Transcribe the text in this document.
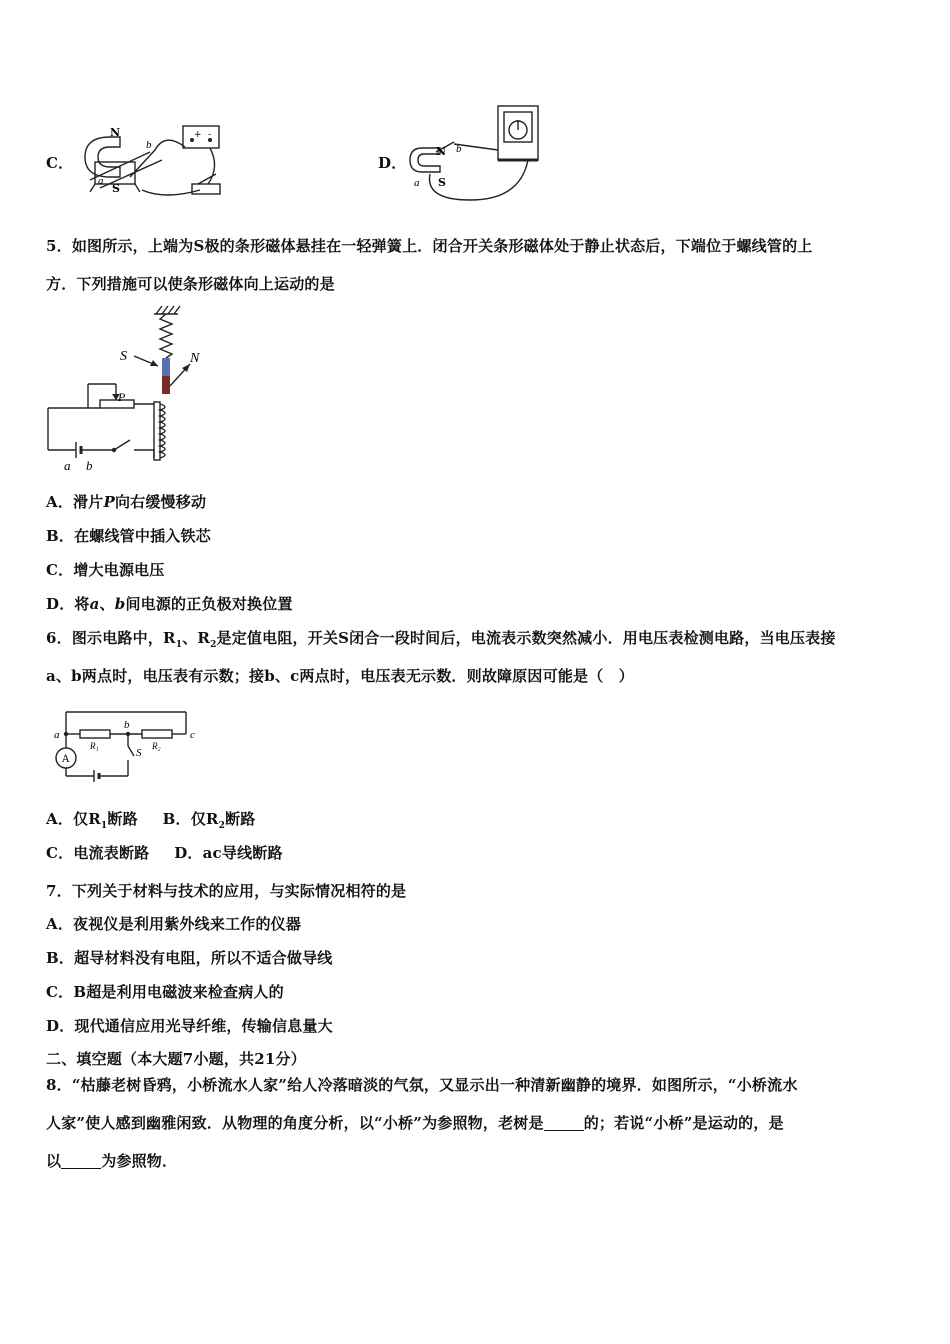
C．
N
S
a
b
+ -
D．
N
S
a
b
5．如图所示，上端为S极的条形磁体悬挂在一轻弹簧上．闭合开关条形磁体处于静止状态后，下端位于螺线管的上
方．下列措施可以使条形磁体向上运动的是
S	N
P
a b
A．滑片P向右缓慢移动
B．在螺线管中插入铁芯
C．增大电源电压
D．将a、b间电源的正负极对换位置
6．图示电路中，$R_1$、$R_2$是定值电阻，开关S闭合一段时间后，电流表示数突然减小．用电压表检测电路，当电压表接
a、b两点时，电压表有示数；接b、c两点时，电压表无示数．则故障原因可能是（　）
a
b
c
R₁	R₂
S
A
A．仅$R_1$断路 B．仅$R_2$断路
C．电流表断路 D．ac导线断路
7．下列关于材料与技术的应用，与实际情况相符的是
A．夜视仪是利用紫外线来工作的仪器
B．超导材料没有电阻，所以不适合做导线
C．B超是利用电磁波来检查病人的
D．现代通信应用光导纤维，传输信息量大
二、填空题（本大题7小题，共21分）
8．“枯藤老树昏鸦，小桥流水人家”给人冷落暗淡的气氛，又显示出一种清新幽静的境界．如图所示，“小桥流水
人家”使人感到幽雅闲致．从物理的角度分析，以“小桥”为参照物，老树是	的；若说“小桥”是运动的，是
以	为参照物．
